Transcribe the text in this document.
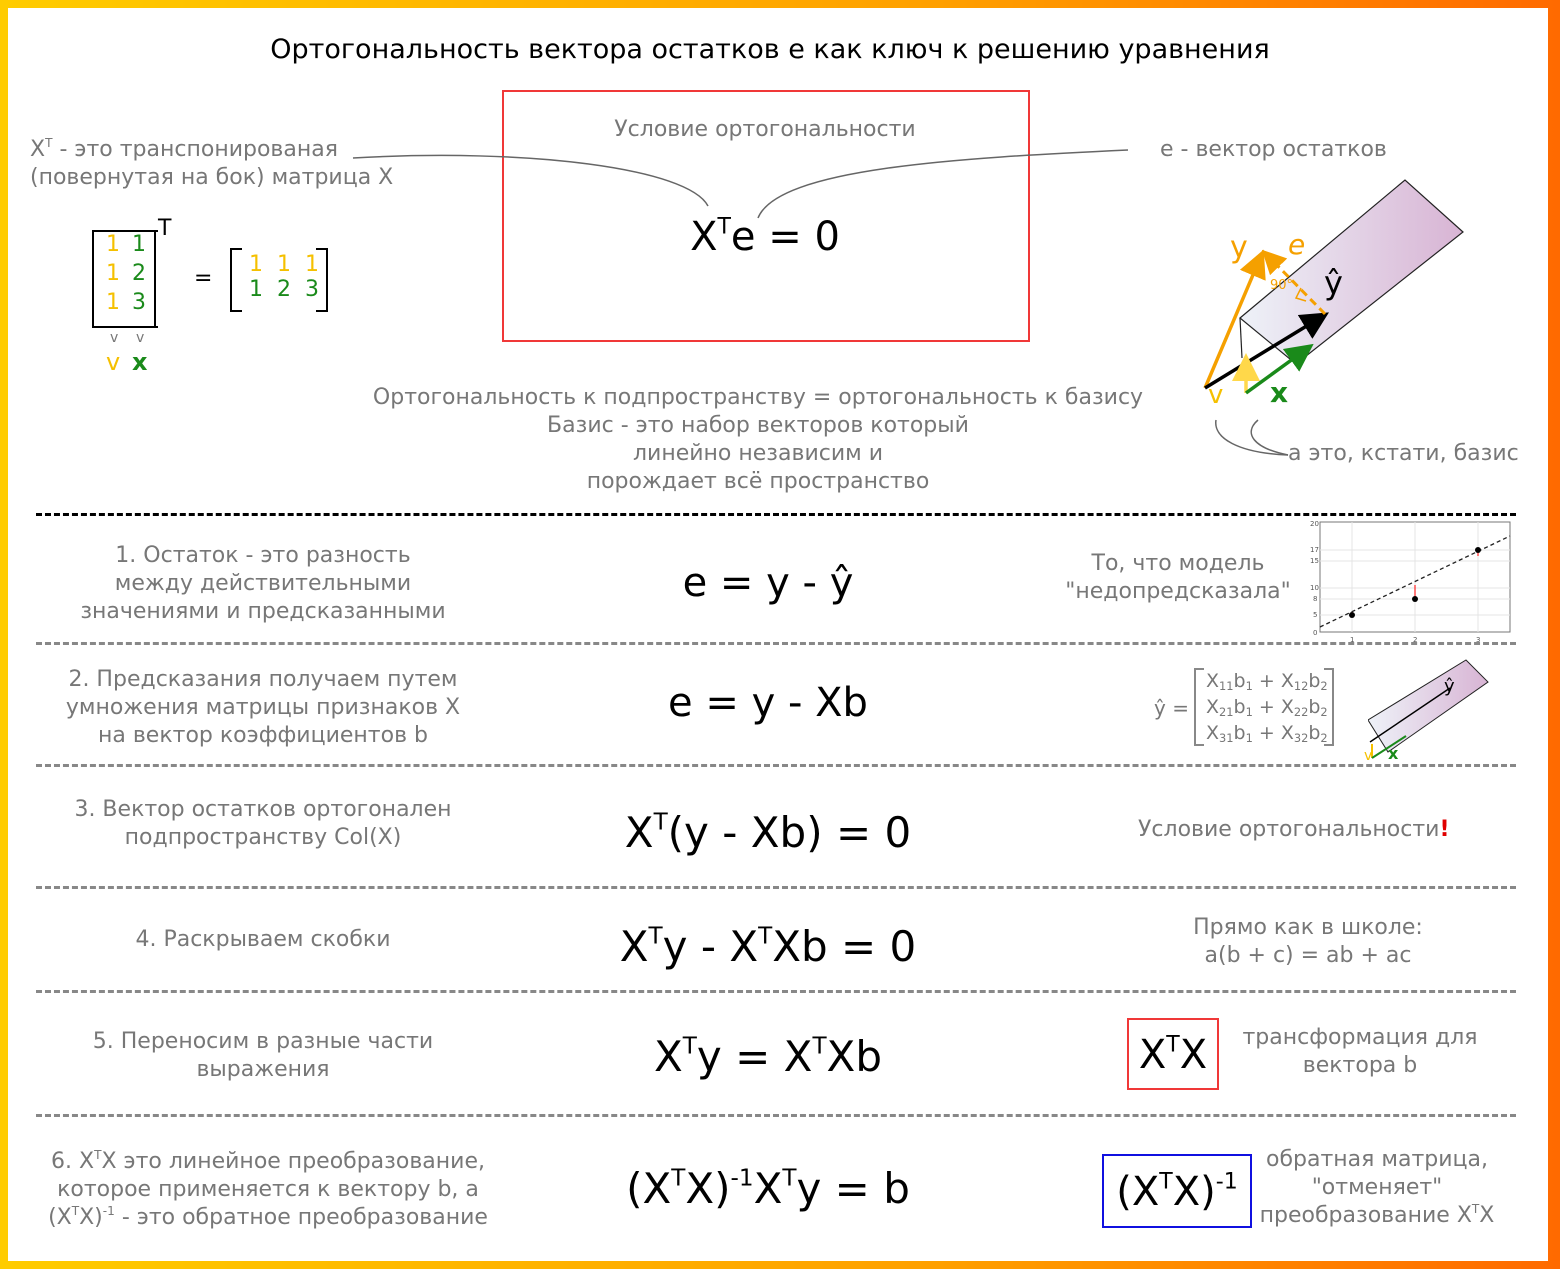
Ортогональность вектора остатков е как ключ к решению уравнения
$X^T$ - это транспонированая
(повернутая на бок) матрица X
1 1
1 2
1 3
T
=
1 1 1
1 2 3
v v
v x
Условие ортогональности
$X^Te = 0$
е - вектор остатков
y e
ŷ
90°
v x
а это, кстати, базис
Ортогональность к подпространству = ортогональность к базису
Базис - это набор векторов который
линейно независим и
порождает всё пространство
1. Остаток - это разность
между действительными
значениями и предсказанными
e = y - ŷ	То, что модель
"недопредсказала"
20
17
15
10
8
5
0
1	2	3
2. Предсказания получаем путем
умножения матрицы признаков X
на вектор коэффициентов b
e = y - Xb	ŷ =
$X_{11}b_1 + X_{12}b_2$
$X_{21}b_1 + X_{22}b_2$
$X_{31}b_1 + X_{32}b_2$
ŷ
v x
3. Вектор остатков ортогонален
подпространству Col(X)	$X^T(y - Xb) = 0$	Условие ортогональности!
4. Раскрываем скобки	$X^Ty - X^TXb = 0$	Прямо как в школе:
a(b + c) = ab + ac
5. Переносим в разные части
выражения	$X^Ty = X^TXb$	$X^TX$	трансформация для
вектора b
6. $X^TX$ это линейное преобразование,
которое применяется к вектору b, а
$(X^TX)^{-1}$ - это обратное преобразование
$(X^TX)^{-1}X^Ty = b$	$(X^TX)^{-1}$
обратная матрица,
"отменяет"
преобразование $X^TX$
